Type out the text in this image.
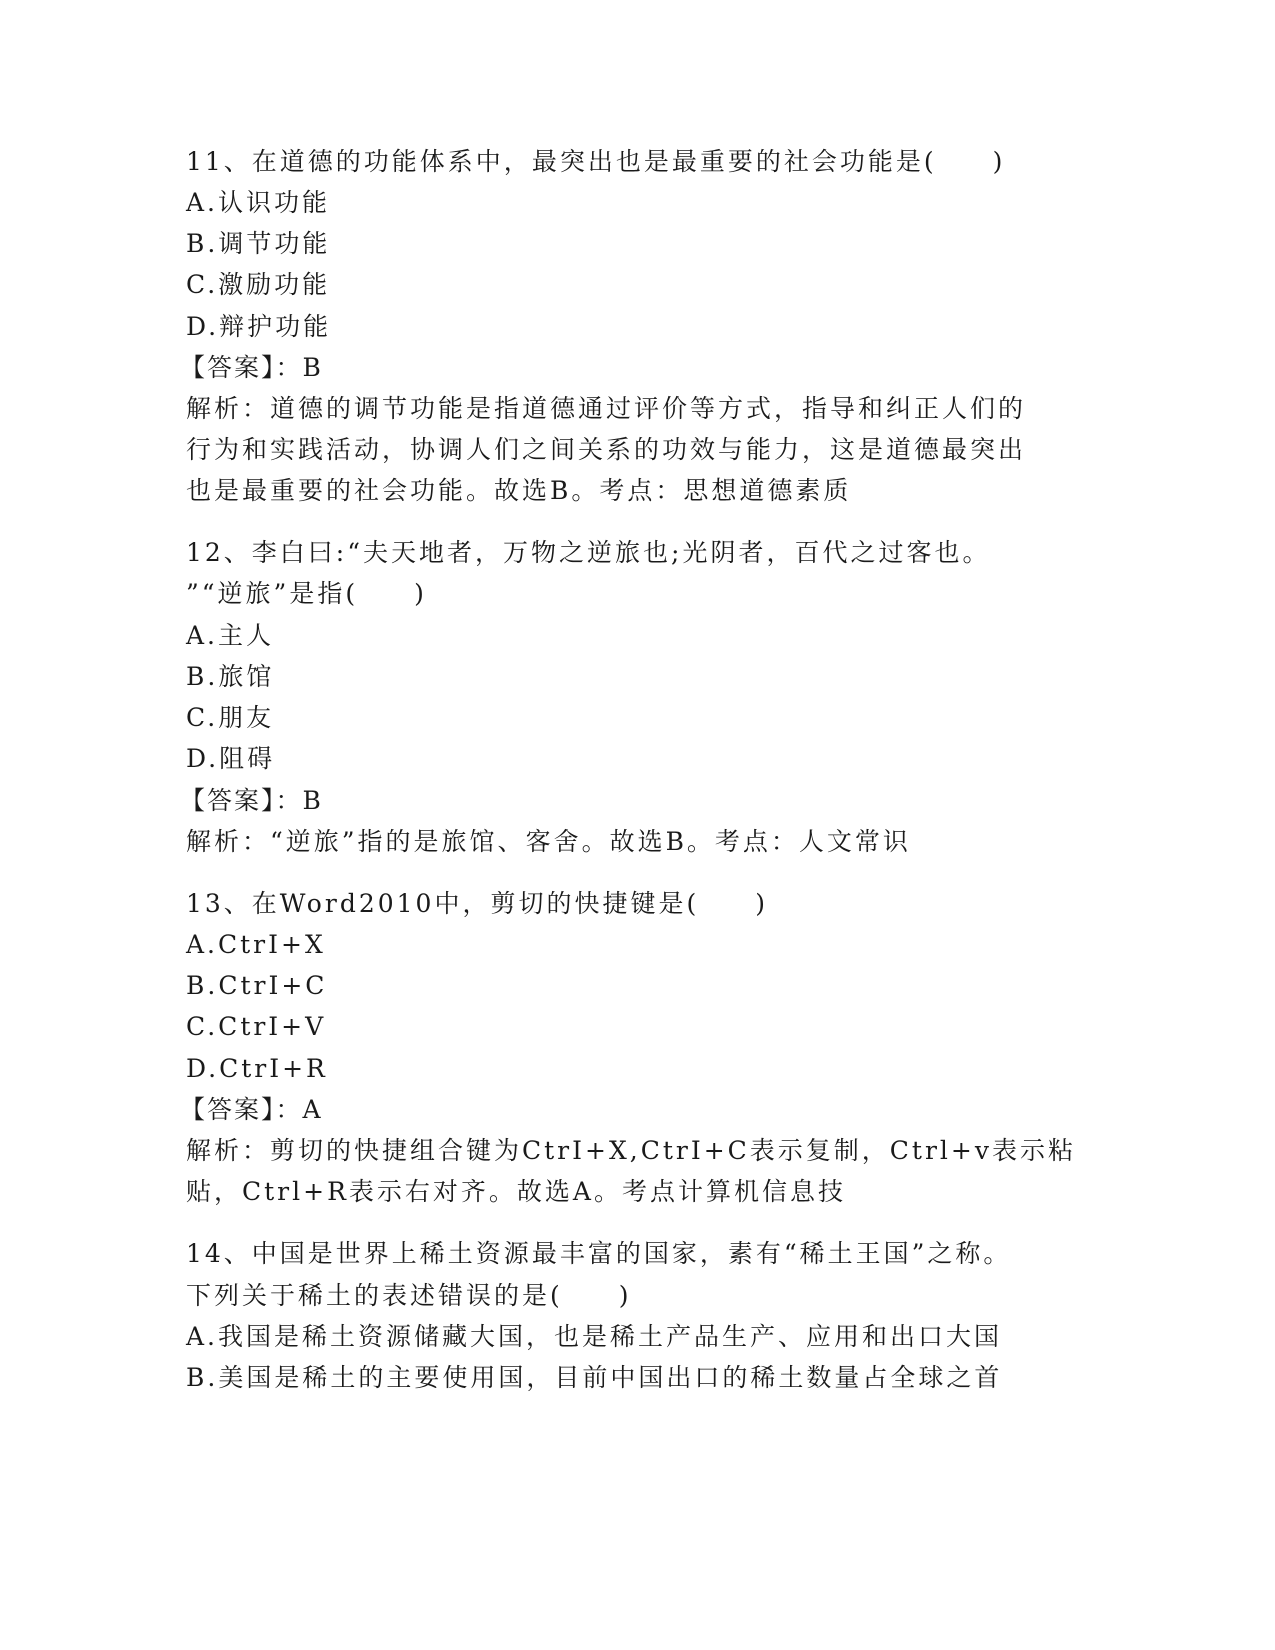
11、在道德的功能体系中，最突出也是最重要的社会功能是(　　)
A.认识功能
B.调节功能
C.激励功能
D.辩护功能
【答案】：B
解析：道德的调节功能是指道德通过评价等方式，指导和纠正人们的
行为和实践活动，协调人们之间关系的功效与能力，这是道德最突出
也是最重要的社会功能。故选B。考点：思想道德素质
12、李白曰:“夫天地者，万物之逆旅也;光阴者，百代之过客也。
”“逆旅”是指(　　)
A.主人
B.旅馆
C.朋友
D.阻碍
【答案】：B
解析：“逆旅”指的是旅馆、客舍。故选B。考点：人文常识
13、在Word2010中，剪切的快捷键是(　　)
A.CtrI+X
B.CtrI+C
C.CtrI+V
D.CtrI+R
【答案】：A
解析：剪切的快捷组合键为CtrI+X,CtrI+C表示复制，Ctrl+v表示粘
贴，Ctrl+R表示右对齐。故选A。考点计算机信息技
14、中国是世界上稀土资源最丰富的国家，素有“稀土王国”之称。
下列关于稀土的表述错误的是(　　)
A.我国是稀土资源储藏大国，也是稀土产品生产、应用和出口大国
B.美国是稀土的主要使用国，目前中国出口的稀土数量占全球之首
